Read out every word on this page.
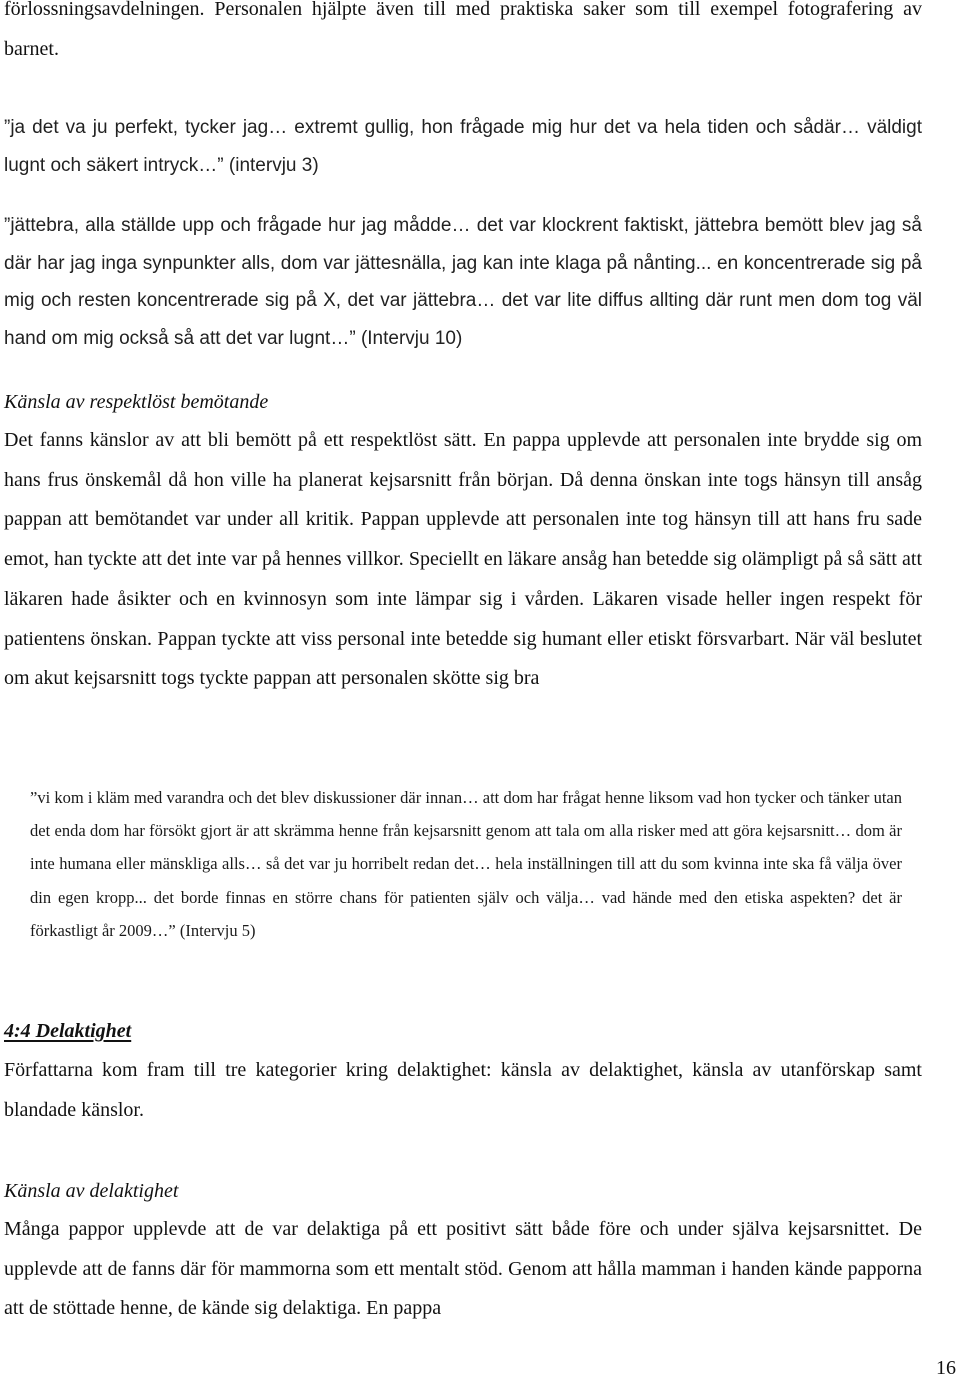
förlossningsavdelningen. Personalen hjälpte även till med praktiska saker som till exempel fotografering av barnet.

”ja det va ju perfekt, tycker jag… extremt gullig, hon frågade mig hur det va hela tiden och sådär… väldigt lugnt och säkert intryck…” (intervju 3)

”jättebra, alla ställde upp och frågade hur jag mådde… det var klockrent faktiskt, jättebra bemött blev jag så där har jag inga synpunkter alls, dom var jättesnälla, jag kan inte klaga på nånting... en koncentrerade sig på mig och resten koncentrerade sig på X, det var jättebra… det var lite diffus allting där runt men dom tog väl hand om mig också så att det var lugnt…” (Intervju 10)

Känsla av respektlöst bemötande

Det fanns känslor av att bli bemött på ett respektlöst sätt. En pappa upplevde att personalen inte brydde sig om hans frus önskemål då hon ville ha planerat kejsarsnitt från början. Då denna önskan inte togs hänsyn till ansåg pappan att bemötandet var under all kritik. Pappan upplevde att personalen inte tog hänsyn till att hans fru sade emot, han tyckte att det inte var på hennes villkor. Speciellt en läkare ansåg han betedde sig olämpligt på så sätt att läkaren hade åsikter och en kvinnosyn som inte lämpar sig i vården. Läkaren visade heller ingen respekt för patientens önskan. Pappan tyckte att viss personal inte betedde sig humant eller etiskt försvarbart. När väl beslutet om akut kejsarsnitt togs tyckte pappan att personalen skötte sig bra

”vi kom i kläm med varandra och det blev diskussioner där innan… att dom har frågat henne liksom vad hon tycker och tänker utan det enda dom har försökt gjort är att skrämma henne från kejsarsnitt genom att tala om alla risker med att göra kejsarsnitt… dom är inte humana eller mänskliga alls… så det var ju horribelt redan det… hela inställningen till att du som kvinna inte ska få välja över din egen kropp... det borde finnas en större chans för patienten själv och välja… vad hände med den etiska aspekten? det är förkastligt år 2009…” (Intervju 5)

4:4 Delaktighet

Författarna kom fram till tre kategorier kring delaktighet: känsla av delaktighet, känsla av utanförskap samt blandade känslor.

Känsla av delaktighet

Många pappor upplevde att de var delaktiga på ett positivt sätt både före och under själva kejsarsnittet. De upplevde att de fanns där för mammorna som ett mentalt stöd. Genom att hålla mamman i handen kände papporna att de stöttade henne, de kände sig delaktiga. En pappa

16
